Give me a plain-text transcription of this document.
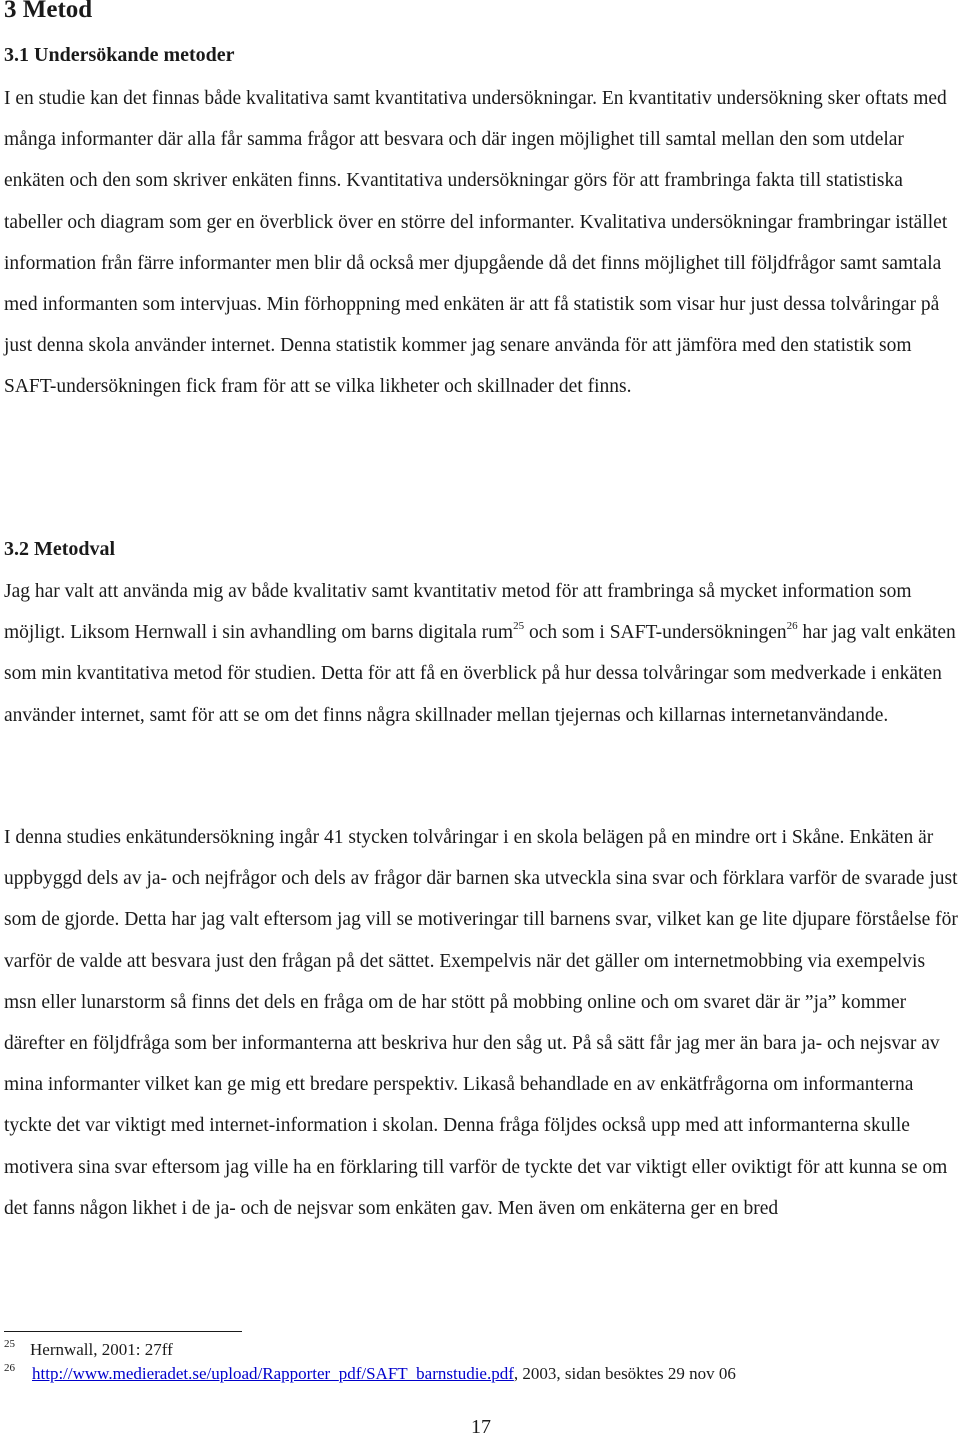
3 Metod
3.1 Undersökande metoder

I en studie kan det finnas både kvalitativa samt kvantitativa undersökningar. En kvantitativ undersökning sker oftats med många informanter där alla får samma frågor att besvara och där ingen möjlighet till samtal mellan den som utdelar enkäten och den som skriver enkäten finns. Kvantitativa undersökningar görs för att frambringa fakta till statistiska tabeller och diagram som ger en överblick över en större del informanter. Kvalitativa undersökningar frambringar istället information från färre informanter men blir då också mer djupgående då det finns möjlighet till följdfrågor samt samtala med informanten som intervjuas. Min förhoppning med enkäten är att få statistik som visar hur just dessa tolvåringar på just denna skola använder internet. Denna statistik kommer jag senare använda för att jämföra med den statistik som SAFT-undersökningen fick fram för att se vilka likheter och skillnader det finns.

3.2 Metodval

Jag har valt att använda mig av både kvalitativ samt kvantitativ metod för att frambringa så mycket information som möjligt. Liksom Hernwall i sin avhandling om barns digitala rum$^{25}$ och som i SAFT-undersökningen$^{26}$ har jag valt enkäten som min kvantitativa metod för studien. Detta för att få en överblick på hur dessa tolvåringar som medverkade i enkäten använder internet, samt för att se om det finns några skillnader mellan tjejernas och killarnas internetanvändande.

I denna studies enkätundersökning ingår 41 stycken tolvåringar i en skola belägen på en mindre ort i Skåne. Enkäten är uppbyggd dels av ja- och nejfrågor och dels av frågor där barnen ska utveckla sina svar och förklara varför de svarade just som de gjorde. Detta har jag valt eftersom jag vill se motiveringar till barnens svar, vilket kan ge lite djupare förståelse för varför de valde att besvara just den frågan på det sättet. Exempelvis när det gäller om internetmobbing via exempelvis msn eller lunarstorm så finns det dels en fråga om de har stött på mobbing online och om svaret där är ”ja” kommer därefter en följdfråga som ber informanterna att beskriva hur den såg ut. På så sätt får jag mer än bara ja- och nejsvar av mina informanter vilket kan ge mig ett bredare perspektiv. Likaså behandlade en av enkätfrågorna om informanterna tyckte det var viktigt med internet-information i skolan. Denna fråga följdes också upp med att informanterna skulle motivera sina svar eftersom jag ville ha en förklaring till varför de tyckte det var viktigt eller oviktigt för att kunna se om det fanns någon likhet i de ja- och de nejsvar som enkäten gav. Men även om enkäterna ger en bred

25 Hernwall, 2001: 27ff
26 http://www.medieradet.se/upload/Rapporter_pdf/SAFT_barnstudie.pdf, 2003, sidan besöktes 29 nov 06
17
